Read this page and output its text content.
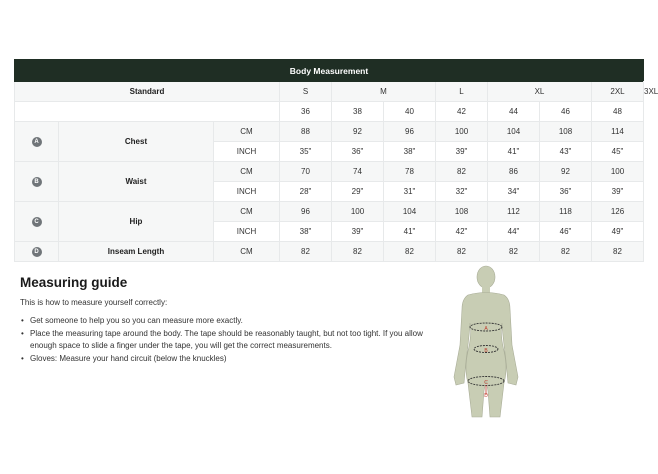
Body Measurement										
Standard			S	M		L	XL		2XL	3XL
			36	38	40	42	44	46	48	
A	Chest	CM	88	92	96	100	104	108	114	
		INCH	35"	36"	38"	39"	41"	43"	45"	
B	Waist	CM	70	74	78	82	86	92	100	
		INCH	28"	29"	31"	32"	34"	36"	39"	
C	Hip	CM	96	100	104	108	112	118	126	
		INCH	38"	39"	41"	42"	44"	46"	49"	
D	Inseam Length	CM	82	82	82	82	82	82	82	
Measuring guide

This is how to measure yourself correctly:

• Get someone to help you so you can measure more exactly.
• Place the measuring tape around the body. The tape should be reasonably taught, but not too tight. If you allow
enough space to slide a finger under the tape, you will get the correct measurements.
• Gloves: Measure your hand circuit (below the knuckles)
A
B
C
D
